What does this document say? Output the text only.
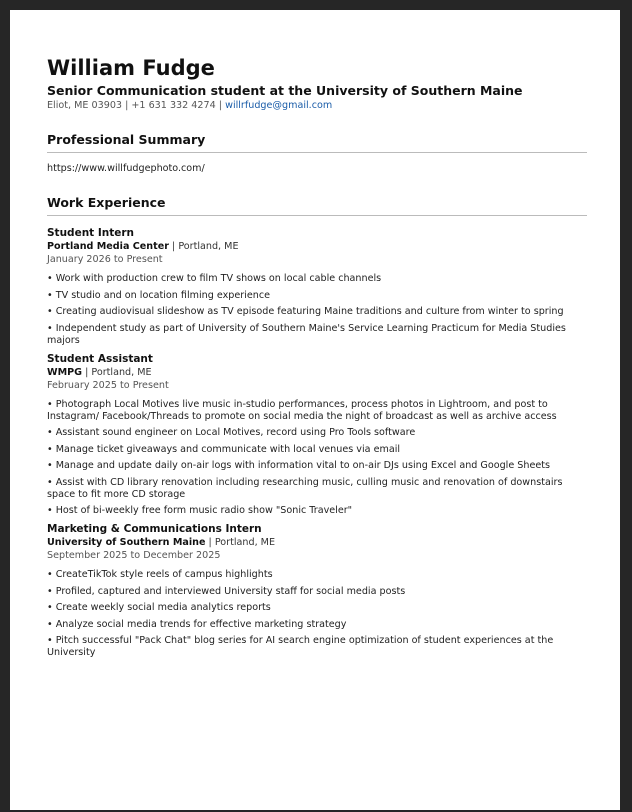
William Fudge
Senior Communication student at the University of Southern Maine
Eliot, ME 03903 | +1 631 332 4274 | willrfudge@gmail.com
Professional Summary
https://www.willfudgephoto.com/
Work Experience
Student Intern
Portland Media Center | Portland, ME
January 2026 to Present
• Work with production crew to film TV shows on local cable channels
• TV studio and on location filming experience
• Creating audiovisual slideshow as TV episode featuring Maine traditions and culture from winter to spring
• Independent study as part of University of Southern Maine's Service Learning Practicum for Media Studies majors
Student Assistant
WMPG | Portland, ME
February 2025 to Present
• Photograph Local Motives live music in-studio performances, process photos in Lightroom, and post to Instagram/ Facebook/Threads to promote on social media the night of broadcast as well as archive access
• Assistant sound engineer on Local Motives, record using Pro Tools software
• Manage ticket giveaways and communicate with local venues via email
• Manage and update daily on-air logs with information vital to on-air DJs using Excel and Google Sheets
• Assist with CD library renovation including researching music, culling music and renovation of downstairs space to fit more CD storage
• Host of bi-weekly free form music radio show "Sonic Traveler"
Marketing & Communications Intern
University of Southern Maine | Portland, ME
September 2025 to December 2025
• CreateTikTok style reels of campus highlights
• Profiled, captured and interviewed University staff for social media posts
• Create weekly social media analytics reports
• Analyze social media trends for effective marketing strategy
• Pitch successful "Pack Chat" blog series for AI search engine optimization of student experiences at the University
